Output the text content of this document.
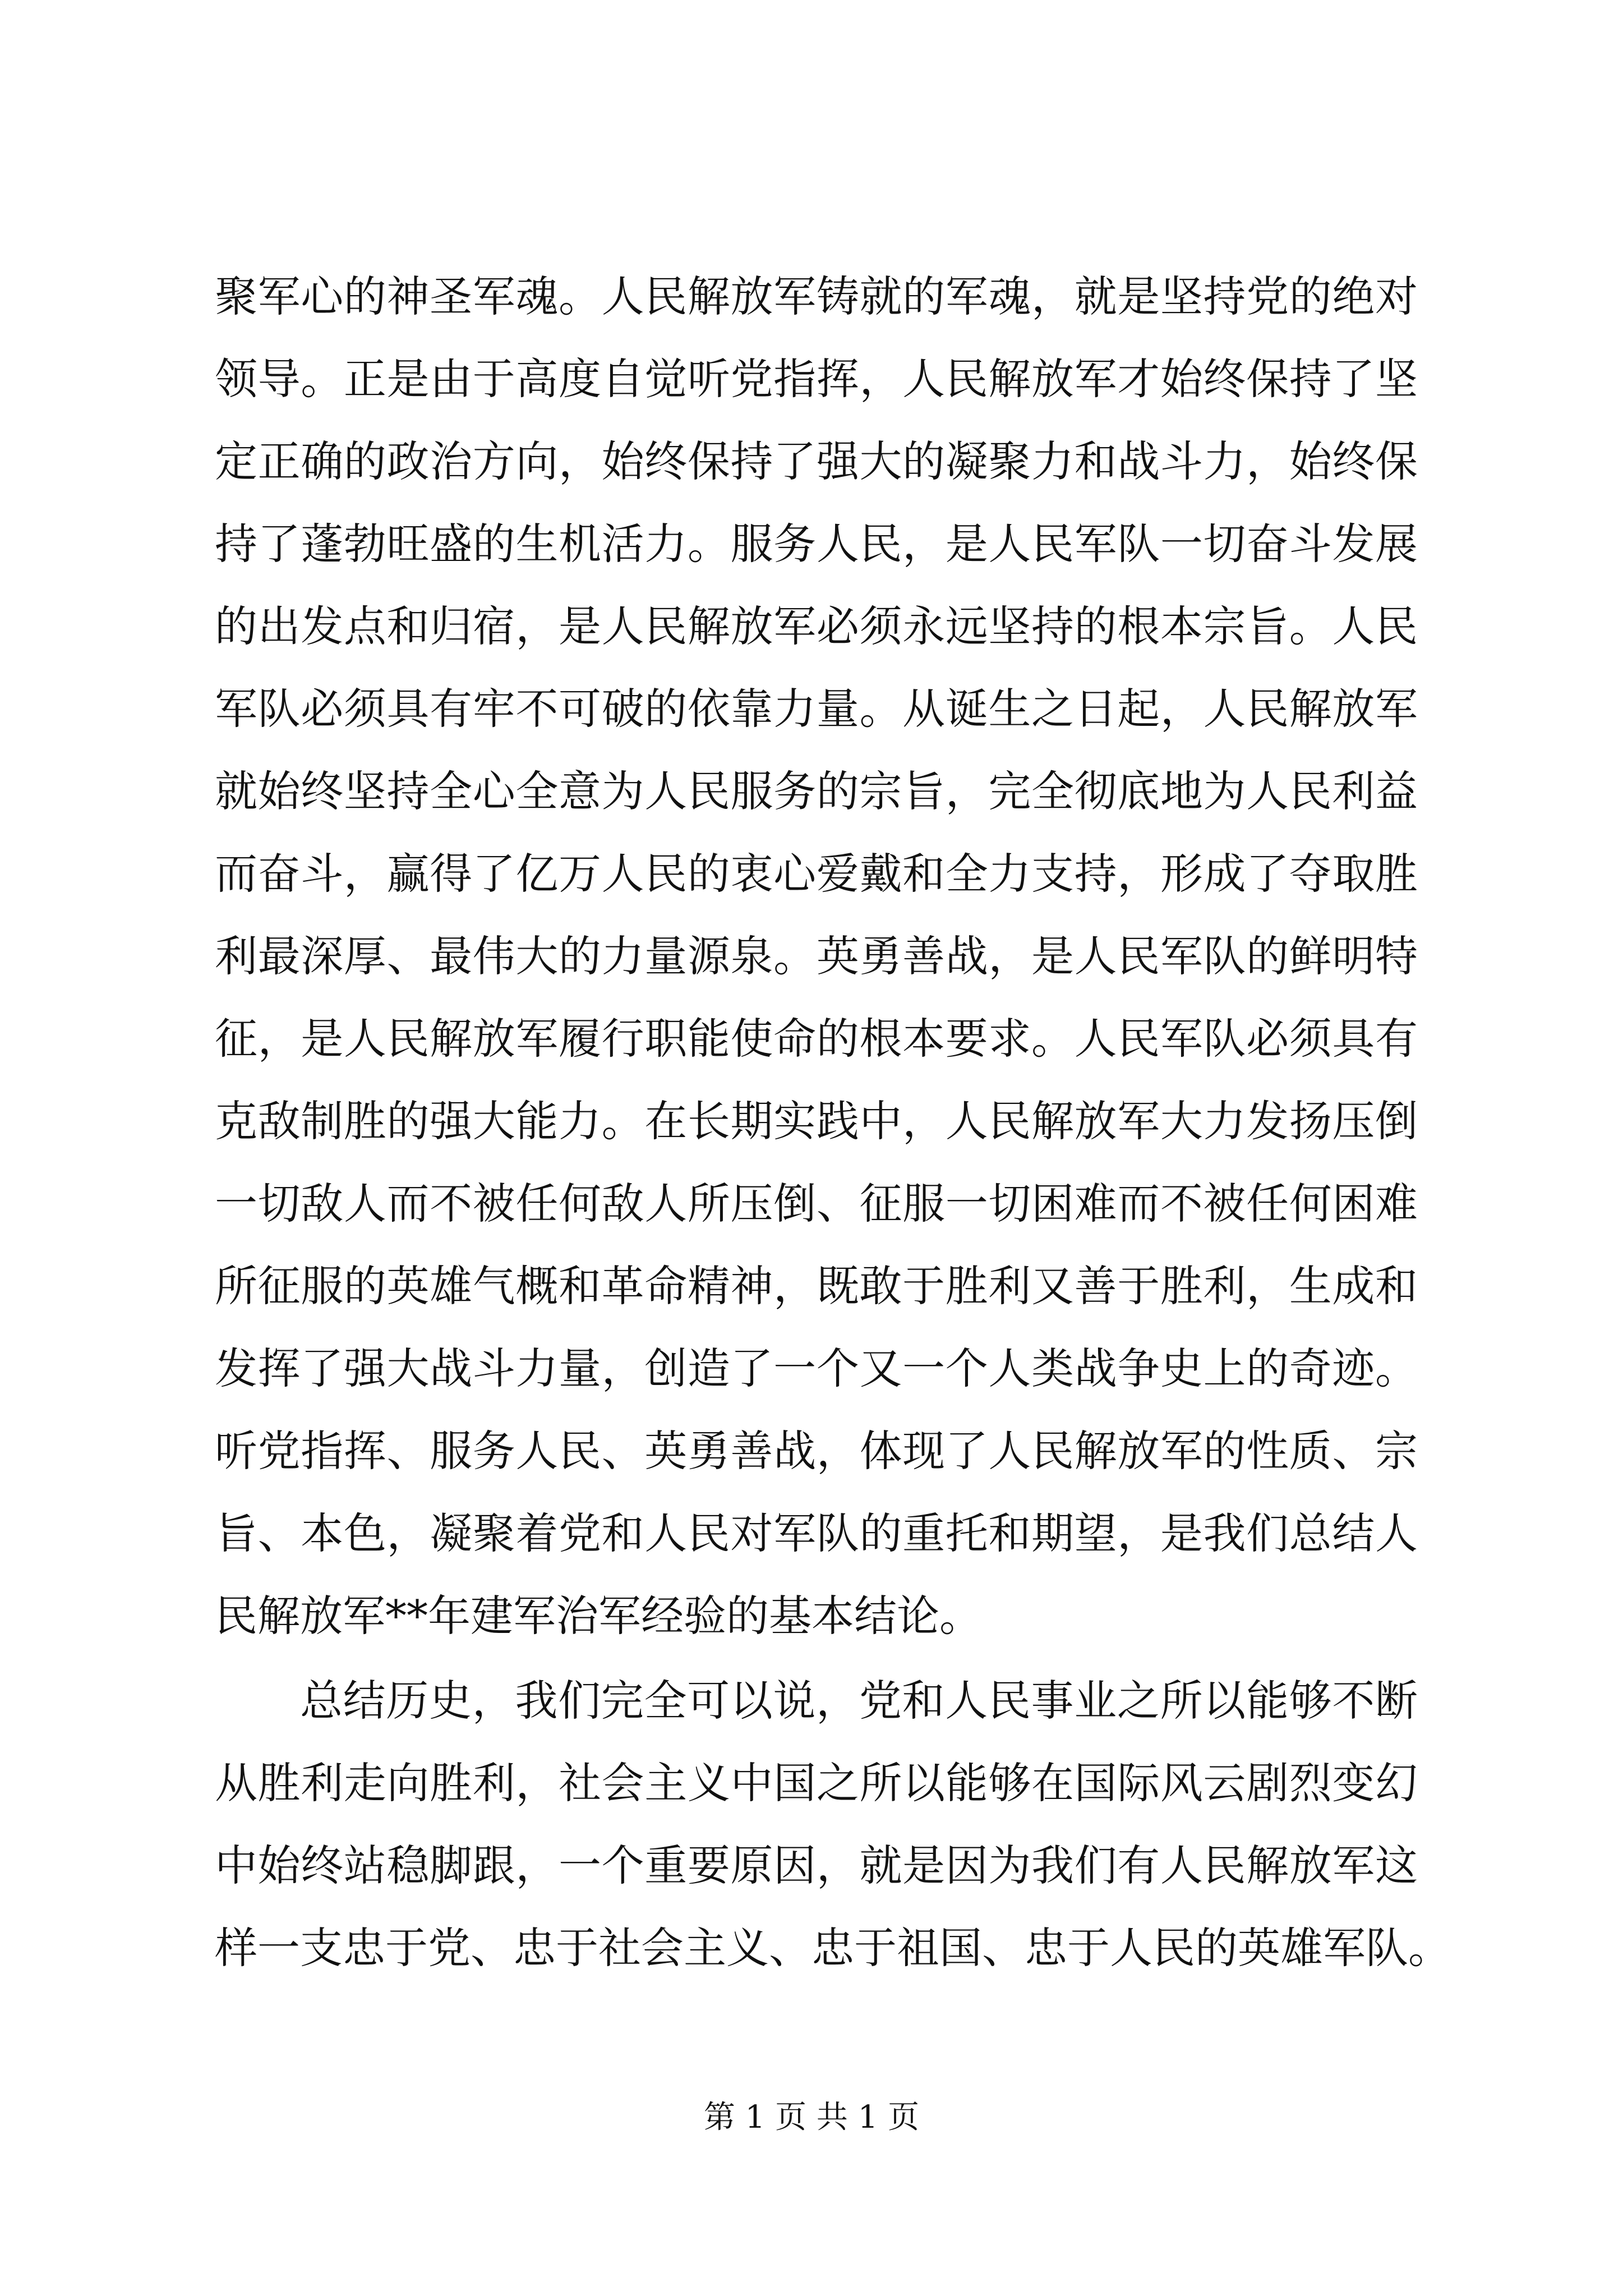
聚军心的神圣军魂。人民解放军铸就的军魂，就是坚持党的绝对
领导。正是由于高度自觉听党指挥，人民解放军才始终保持了坚
定正确的政治方向，始终保持了强大的凝聚力和战斗力，始终保
持了蓬勃旺盛的生机活力。服务人民，是人民军队一切奋斗发展
的出发点和归宿，是人民解放军必须永远坚持的根本宗旨。人民
军队必须具有牢不可破的依靠力量。从诞生之日起，人民解放军
就始终坚持全心全意为人民服务的宗旨，完全彻底地为人民利益
而奋斗，赢得了亿万人民的衷心爱戴和全力支持，形成了夺取胜
利最深厚、最伟大的力量源泉。英勇善战，是人民军队的鲜明特
征，是人民解放军履行职能使命的根本要求。人民军队必须具有
克敌制胜的强大能力。在长期实践中，人民解放军大力发扬压倒
一切敌人而不被任何敌人所压倒、征服一切困难而不被任何困难
所征服的英雄气概和革命精神，既敢于胜利又善于胜利，生成和
发挥了强大战斗力量，创造了一个又一个人类战争史上的奇迹。
听党指挥、服务人民、英勇善战，体现了人民解放军的性质、宗
旨、本色，凝聚着党和人民对军队的重托和期望，是我们总结人
民解放军**年建军治军经验的基本结论。
总结历史，我们完全可以说，党和人民事业之所以能够不断
从胜利走向胜利，社会主义中国之所以能够在国际风云剧烈变幻
中始终站稳脚跟，一个重要原因，就是因为我们有人民解放军这
样一支忠于党、忠于社会主义、忠于祖国、忠于人民的英雄军队。
第 1 页 共 1 页
